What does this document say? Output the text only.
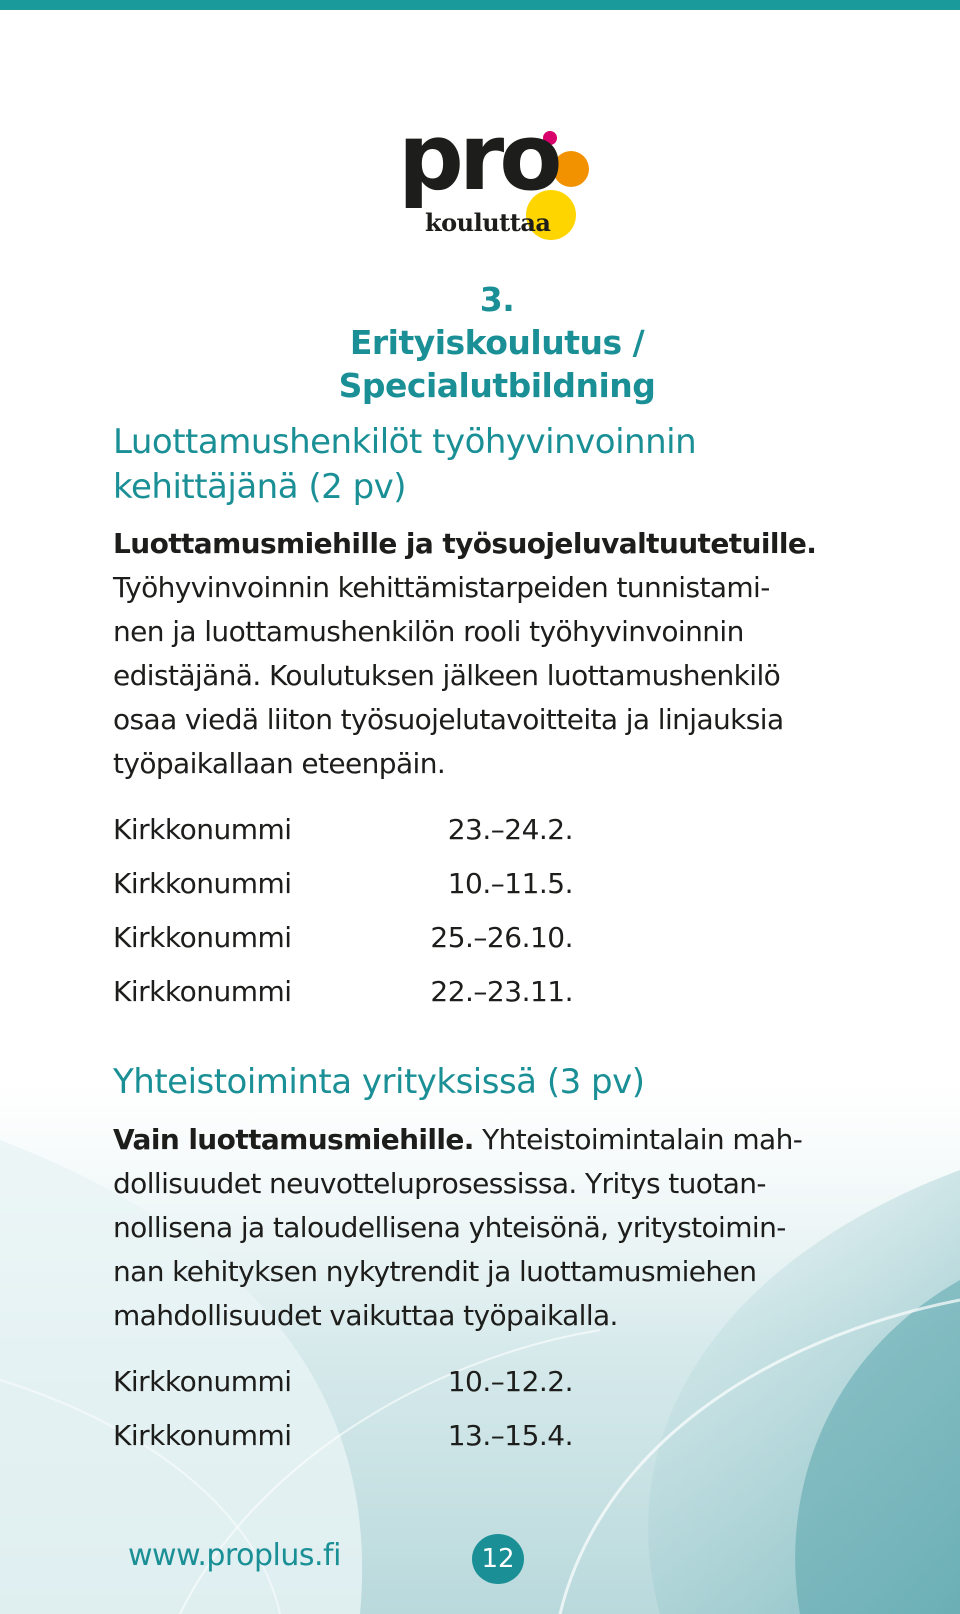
pro
kouluttaa
3.
Erityiskoulutus /
Specialutbildning
Luottamushenkilöt työhyvinvoinnin
kehittäjänä (2 pv)
Luottamusmiehille ja työsuojeluvaltuutetuille.
Työhyvinvoinnin kehittämistarpeiden tunnistami-
nen ja luottamushenkilön rooli työhyvinvoinnin
edistäjänä. Koulutuksen jälkeen luottamushenkilö
osaa viedä liiton työsuojelutavoitteita ja linjauksia
työpaikallaan eteenpäin.
Kirkkonummi	23.–24.2.
Kirkkonummi	10.–11.5.
Kirkkonummi	25.–26.10.
Kirkkonummi	22.–23.11.
Yhteistoiminta yrityksissä (3 pv)
Vain luottamusmiehille. Yhteistoimintalain mah-
dollisuudet neuvotteluprosessissa. Yritys tuotan-
nollisena ja taloudellisena yhteisönä, yritystoimin-
nan kehityksen nykytrendit ja luottamusmiehen
mahdollisuudet vaikuttaa työpaikalla.
Kirkkonummi	10.–12.2.
Kirkkonummi	13.–15.4.
www.proplus.fi	12
